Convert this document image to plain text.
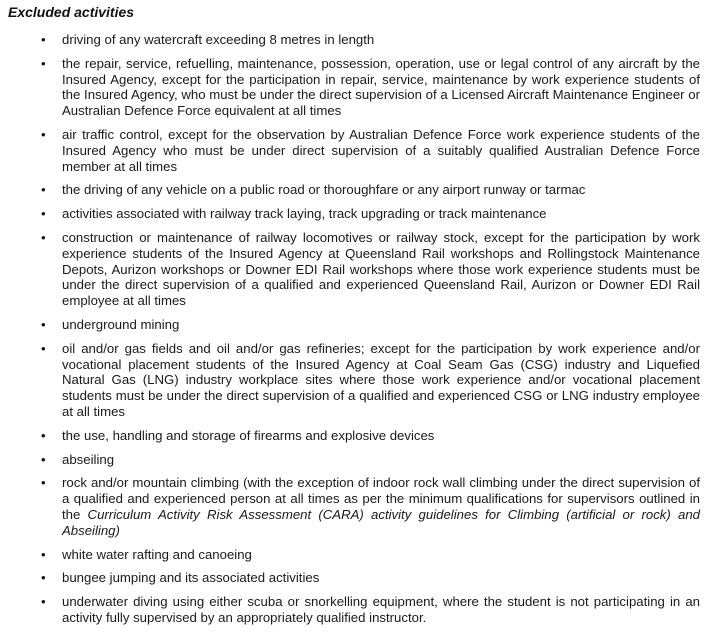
Excluded activities
• driving of any watercraft exceeding 8 metres in length
• the repair, service, refuelling, maintenance, possession, operation, use or legal control of any aircraft by the Insured Agency, except for the participation in repair, service, maintenance by work experience students of the Insured Agency, who must be under the direct supervision of a Licensed Aircraft Maintenance Engineer or Australian Defence Force equivalent at all times
• air traffic control, except for the observation by Australian Defence Force work experience students of the Insured Agency who must be under direct supervision of a suitably qualified Australian Defence Force member at all times
• the driving of any vehicle on a public road or thoroughfare or any airport runway or tarmac
• activities associated with railway track laying, track upgrading or track maintenance
• construction or maintenance of railway locomotives or railway stock, except for the participation by work experience students of the Insured Agency at Queensland Rail workshops and Rollingstock Maintenance Depots, Aurizon workshops or Downer EDI Rail workshops where those work experience students must be under the direct supervision of a qualified and experienced Queensland Rail, Aurizon or Downer EDI Rail employee at all times
• underground mining
• oil and/or gas fields and oil and/or gas refineries; except for the participation by work experience and/or vocational placement students of the Insured Agency at Coal Seam Gas (CSG) industry and Liquefied Natural Gas (LNG) industry workplace sites where those work experience and/or vocational placement students must be under the direct supervision of a qualified and experienced CSG or LNG industry employee at all times
• the use, handling and storage of firearms and explosive devices
• abseiling
• rock and/or mountain climbing (with the exception of indoor rock wall climbing under the direct supervision of a qualified and experienced person at all times as per the minimum qualifications for supervisors outlined in the Curriculum Activity Risk Assessment (CARA) activity guidelines for Climbing (artificial or rock) and Abseiling)
• white water rafting and canoeing
• bungee jumping and its associated activities
• underwater diving using either scuba or snorkelling equipment, where the student is not participating in an activity fully supervised by an appropriately qualified instructor.
